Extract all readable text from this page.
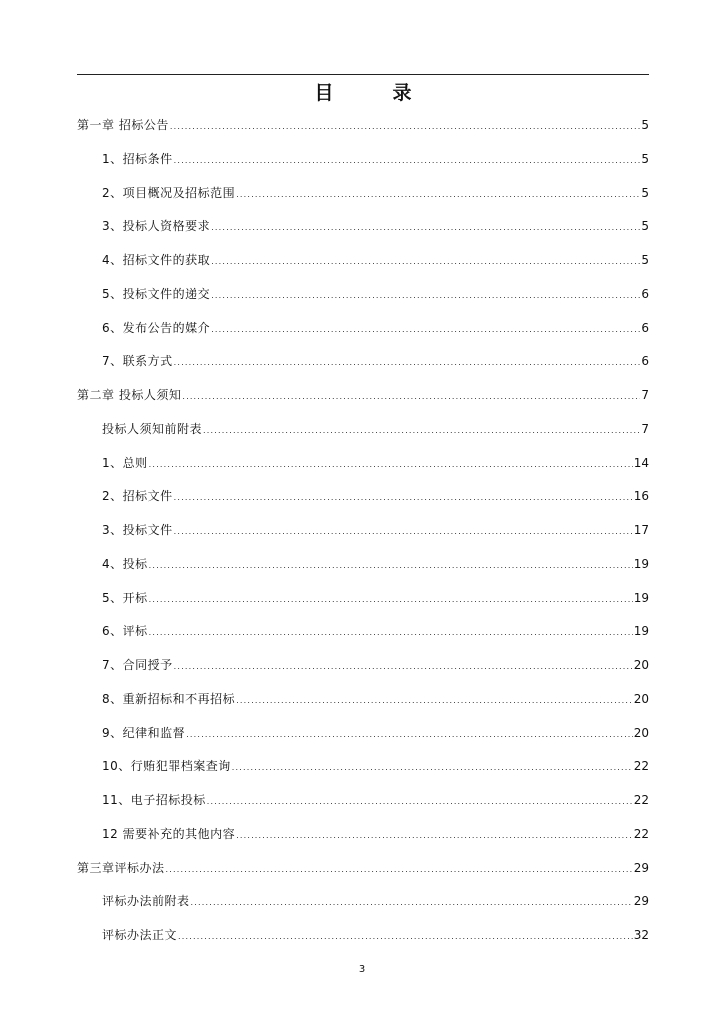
目　录
第一章 招标公告 .....	5
1、招标条件 .....	5
2、项目概况及招标范围 .....	5
3、投标人资格要求 .....	5
4、招标文件的获取 .....	5
5、投标文件的递交 .....	6
6、发布公告的媒介 .....	6
7、联系方式 .....	6
第二章 投标人须知 .....	7
投标人须知前附表 .....	7
1、总则 .....	14
2、招标文件 .....	16
3、投标文件 .....	17
4、投标 .....	19
5、开标 .....	19
6、评标 .....	19
7、合同授予 .....	20
8、重新招标和不再招标 .....	20
9、纪律和监督 .....	20
10、行贿犯罪档案查询 .....	22
11、电子招标投标 .....	22
12 需要补充的其他内容 .....	22
第三章评标办法 .....	29
评标办法前附表 .....	29
评标办法正文 .....	32
3
